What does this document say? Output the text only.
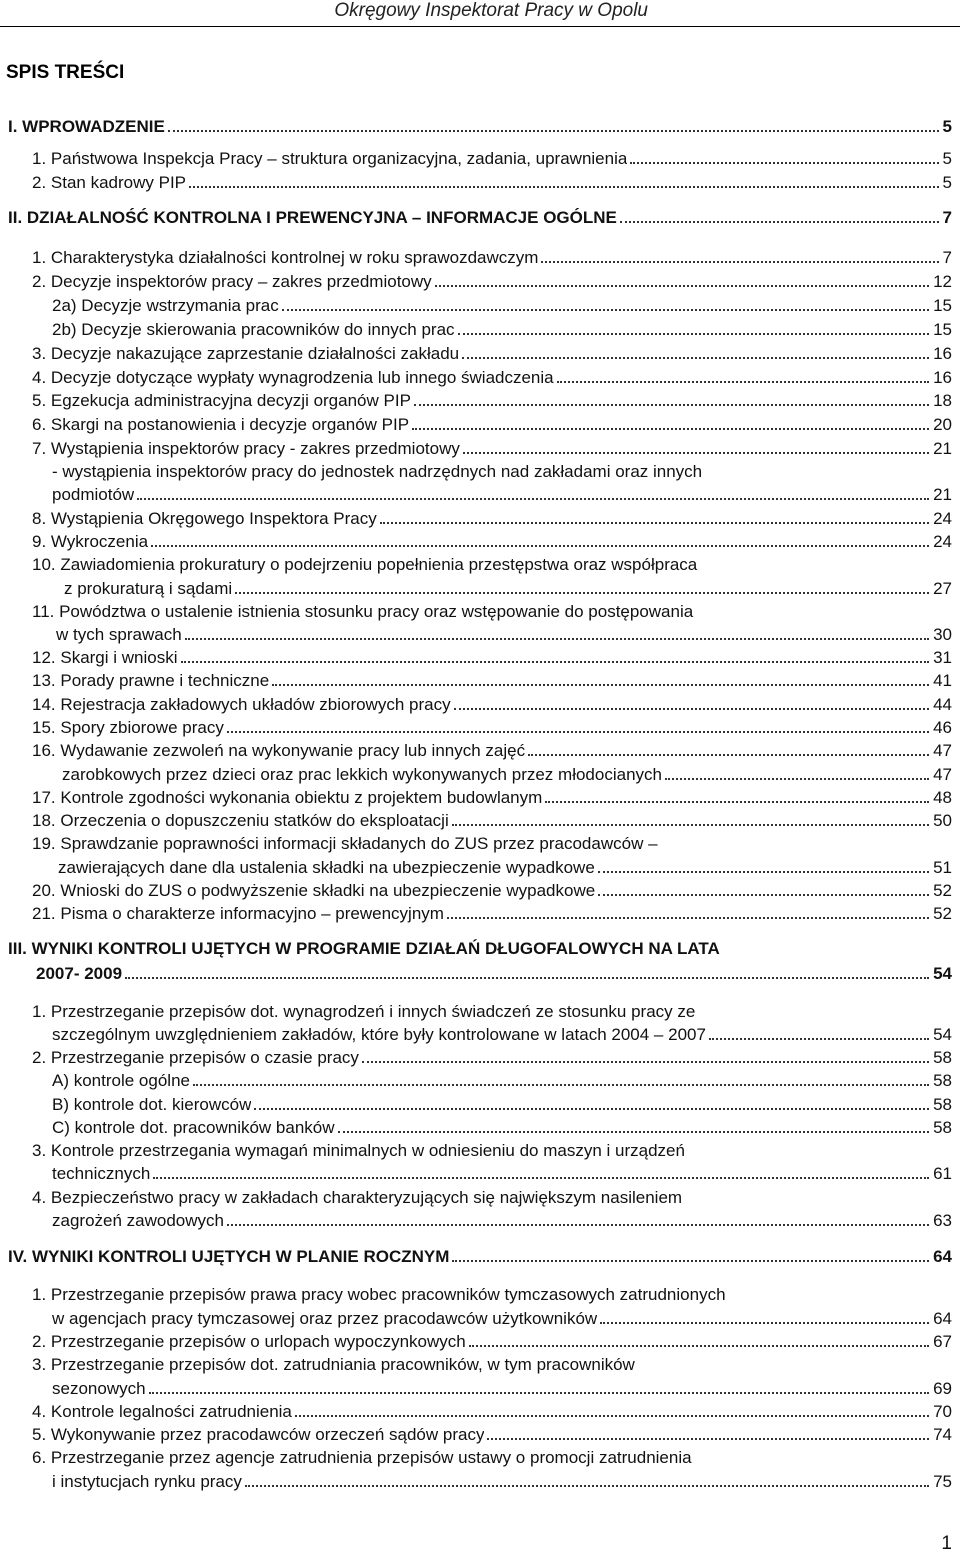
Okręgowy Inspektorat Pracy w Opolu
SPIS TREŚCI
I. WPROWADZENIE	5
1. Państwowa Inspekcja Pracy – struktura organizacyjna, zadania, uprawnienia	5
2. Stan kadrowy PIP	5
II. DZIAŁALNOŚĆ KONTROLNA I PREWENCYJNA – INFORMACJE OGÓLNE	7
1. Charakterystyka działalności kontrolnej w roku sprawozdawczym	7
2. Decyzje inspektorów pracy – zakres przedmiotowy	12
2a) Decyzje wstrzymania prac	15
2b) Decyzje skierowania pracowników do innych prac	15
3. Decyzje nakazujące zaprzestanie działalności zakładu	16
4. Decyzje dotyczące wypłaty wynagrodzenia lub innego świadczenia	16
5. Egzekucja administracyjna decyzji organów PIP	18
6. Skargi na postanowienia i decyzje organów PIP	20
7. Wystąpienia inspektorów pracy - zakres przedmiotowy	21
- wystąpienia inspektorów pracy do jednostek nadrzędnych nad zakładami oraz innych
podmiotów	21
8. Wystąpienia Okręgowego Inspektora Pracy	24
9. Wykroczenia	24
10. Zawiadomienia prokuratury o podejrzeniu popełnienia przestępstwa oraz współpraca
z prokuraturą i sądami	27
11. Powództwa o ustalenie istnienia stosunku pracy oraz wstępowanie do postępowania
w tych sprawach	30
12. Skargi i wnioski	31
13. Porady prawne i techniczne	41
14. Rejestracja zakładowych układów zbiorowych pracy	44
15. Spory zbiorowe pracy	46
16. Wydawanie zezwoleń na wykonywanie pracy lub innych zajęć	47
zarobkowych przez dzieci oraz prac lekkich wykonywanych przez młodocianych	47
17. Kontrole zgodności wykonania obiektu z projektem budowlanym	48
18. Orzeczenia o dopuszczeniu statków do eksploatacji	50
19. Sprawdzanie poprawności informacji składanych do ZUS przez pracodawców –
zawierających dane dla ustalenia składki na ubezpieczenie wypadkowe	51
20. Wnioski do ZUS o podwyższenie składki na ubezpieczenie wypadkowe	52
21. Pisma o charakterze informacyjno – prewencyjnym	52
III. WYNIKI KONTROLI UJĘTYCH W PROGRAMIE DZIAŁAŃ DŁUGOFALOWYCH NA LATA
2007- 2009	54
1. Przestrzeganie przepisów dot. wynagrodzeń i innych świadczeń ze stosunku pracy ze
szczególnym uwzględnieniem zakładów, które były kontrolowane w latach 2004 – 2007	54
2. Przestrzeganie przepisów o czasie pracy	58
A) kontrole ogólne	58
B) kontrole dot. kierowców	58
C) kontrole dot. pracowników banków	58
3. Kontrole przestrzegania wymagań minimalnych w odniesieniu do maszyn i urządzeń
technicznych	61
4. Bezpieczeństwo pracy w zakładach charakteryzujących się największym nasileniem
zagrożeń zawodowych	63
IV. WYNIKI KONTROLI UJĘTYCH W PLANIE ROCZNYM	64
1. Przestrzeganie przepisów prawa pracy wobec pracowników tymczasowych zatrudnionych
w agencjach pracy tymczasowej oraz przez pracodawców użytkowników	64
2. Przestrzeganie przepisów o urlopach wypoczynkowych	67
3. Przestrzeganie przepisów dot. zatrudniania pracowników, w tym pracowników
sezonowych	69
4. Kontrole legalności zatrudnienia	70
5. Wykonywanie przez pracodawców orzeczeń sądów pracy	74
6. Przestrzeganie przez agencje zatrudnienia przepisów ustawy o promocji zatrudnienia
i instytucjach rynku pracy	75
1
